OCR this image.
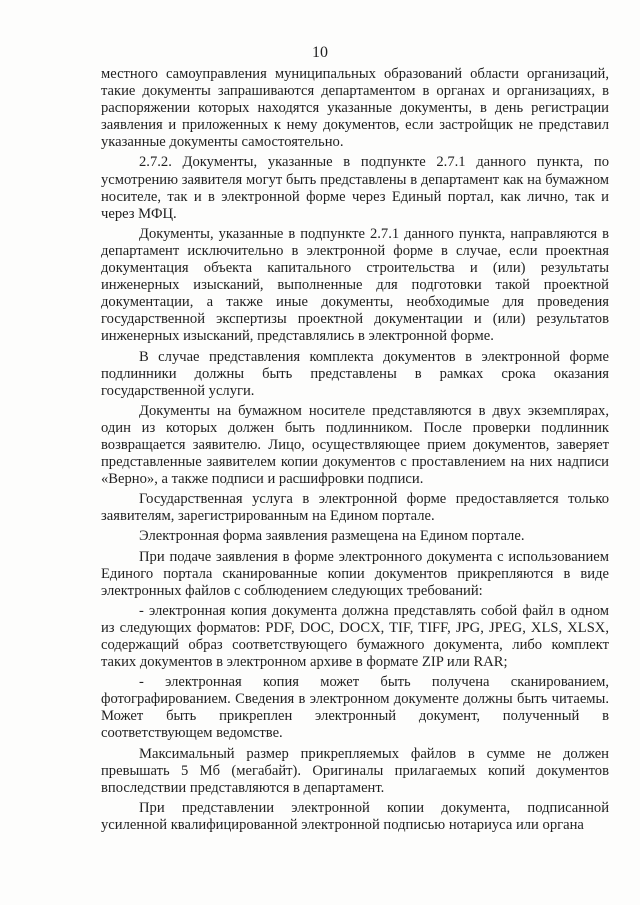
10

местного самоуправления муниципальных образований области организаций, такие документы запрашиваются департаментом в органах и организациях, в распоряжении которых находятся указанные документы, в день регистрации заявления и приложенных к нему документов, если застройщик не представил указанные документы самостоятельно.

2.7.2. Документы, указанные в подпункте 2.7.1 данного пункта, по усмотрению заявителя могут быть представлены в департамент как на бумажном носителе, так и в электронной форме через Единый портал, как лично, так и через МФЦ.

Документы, указанные в подпункте 2.7.1 данного пункта, направляются в департамент исключительно в электронной форме в случае, если проектная документация объекта капитального строительства и (или) результаты инженерных изысканий, выполненные для подготовки такой проектной документации, а также иные документы, необходимые для проведения государственной экспертизы проектной документации и (или) результатов инженерных изысканий, представлялись в электронной форме.

В случае представления комплекта документов в электронной форме подлинники должны быть представлены в рамках срока оказания государственной услуги.

Документы на бумажном носителе представляются в двух экземплярах, один из которых должен быть подлинником. После проверки подлинник возвращается заявителю. Лицо, осуществляющее прием документов, заверяет представленные заявителем копии документов с проставлением на них надписи «Верно», а также подписи и расшифровки подписи.

Государственная услуга в электронной форме предоставляется только заявителям, зарегистрированным на Едином портале.

Электронная форма заявления размещена на Едином портале.

При подаче заявления в форме электронного документа с использованием Единого портала сканированные копии документов прикрепляются в виде электронных файлов с соблюдением следующих требований:

- электронная копия документа должна представлять собой файл в одном из следующих форматов: PDF, DOC, DOCX, TIF, TIFF, JPG, JPEG, XLS, XLSX, содержащий образ соответствующего бумажного документа, либо комплект таких документов в электронном архиве в формате ZIP или RAR;

- электронная копия может быть получена сканированием, фотографированием. Сведения в электронном документе должны быть читаемы. Может быть прикреплен электронный документ, полученный в соответствующем ведомстве.

Максимальный размер прикрепляемых файлов в сумме не должен превышать 5 Мб (мегабайт). Оригиналы прилагаемых копий документов впоследствии представляются в департамент.

При представлении электронной копии документа, подписанной усиленной квалифицированной электронной подписью нотариуса или органа
